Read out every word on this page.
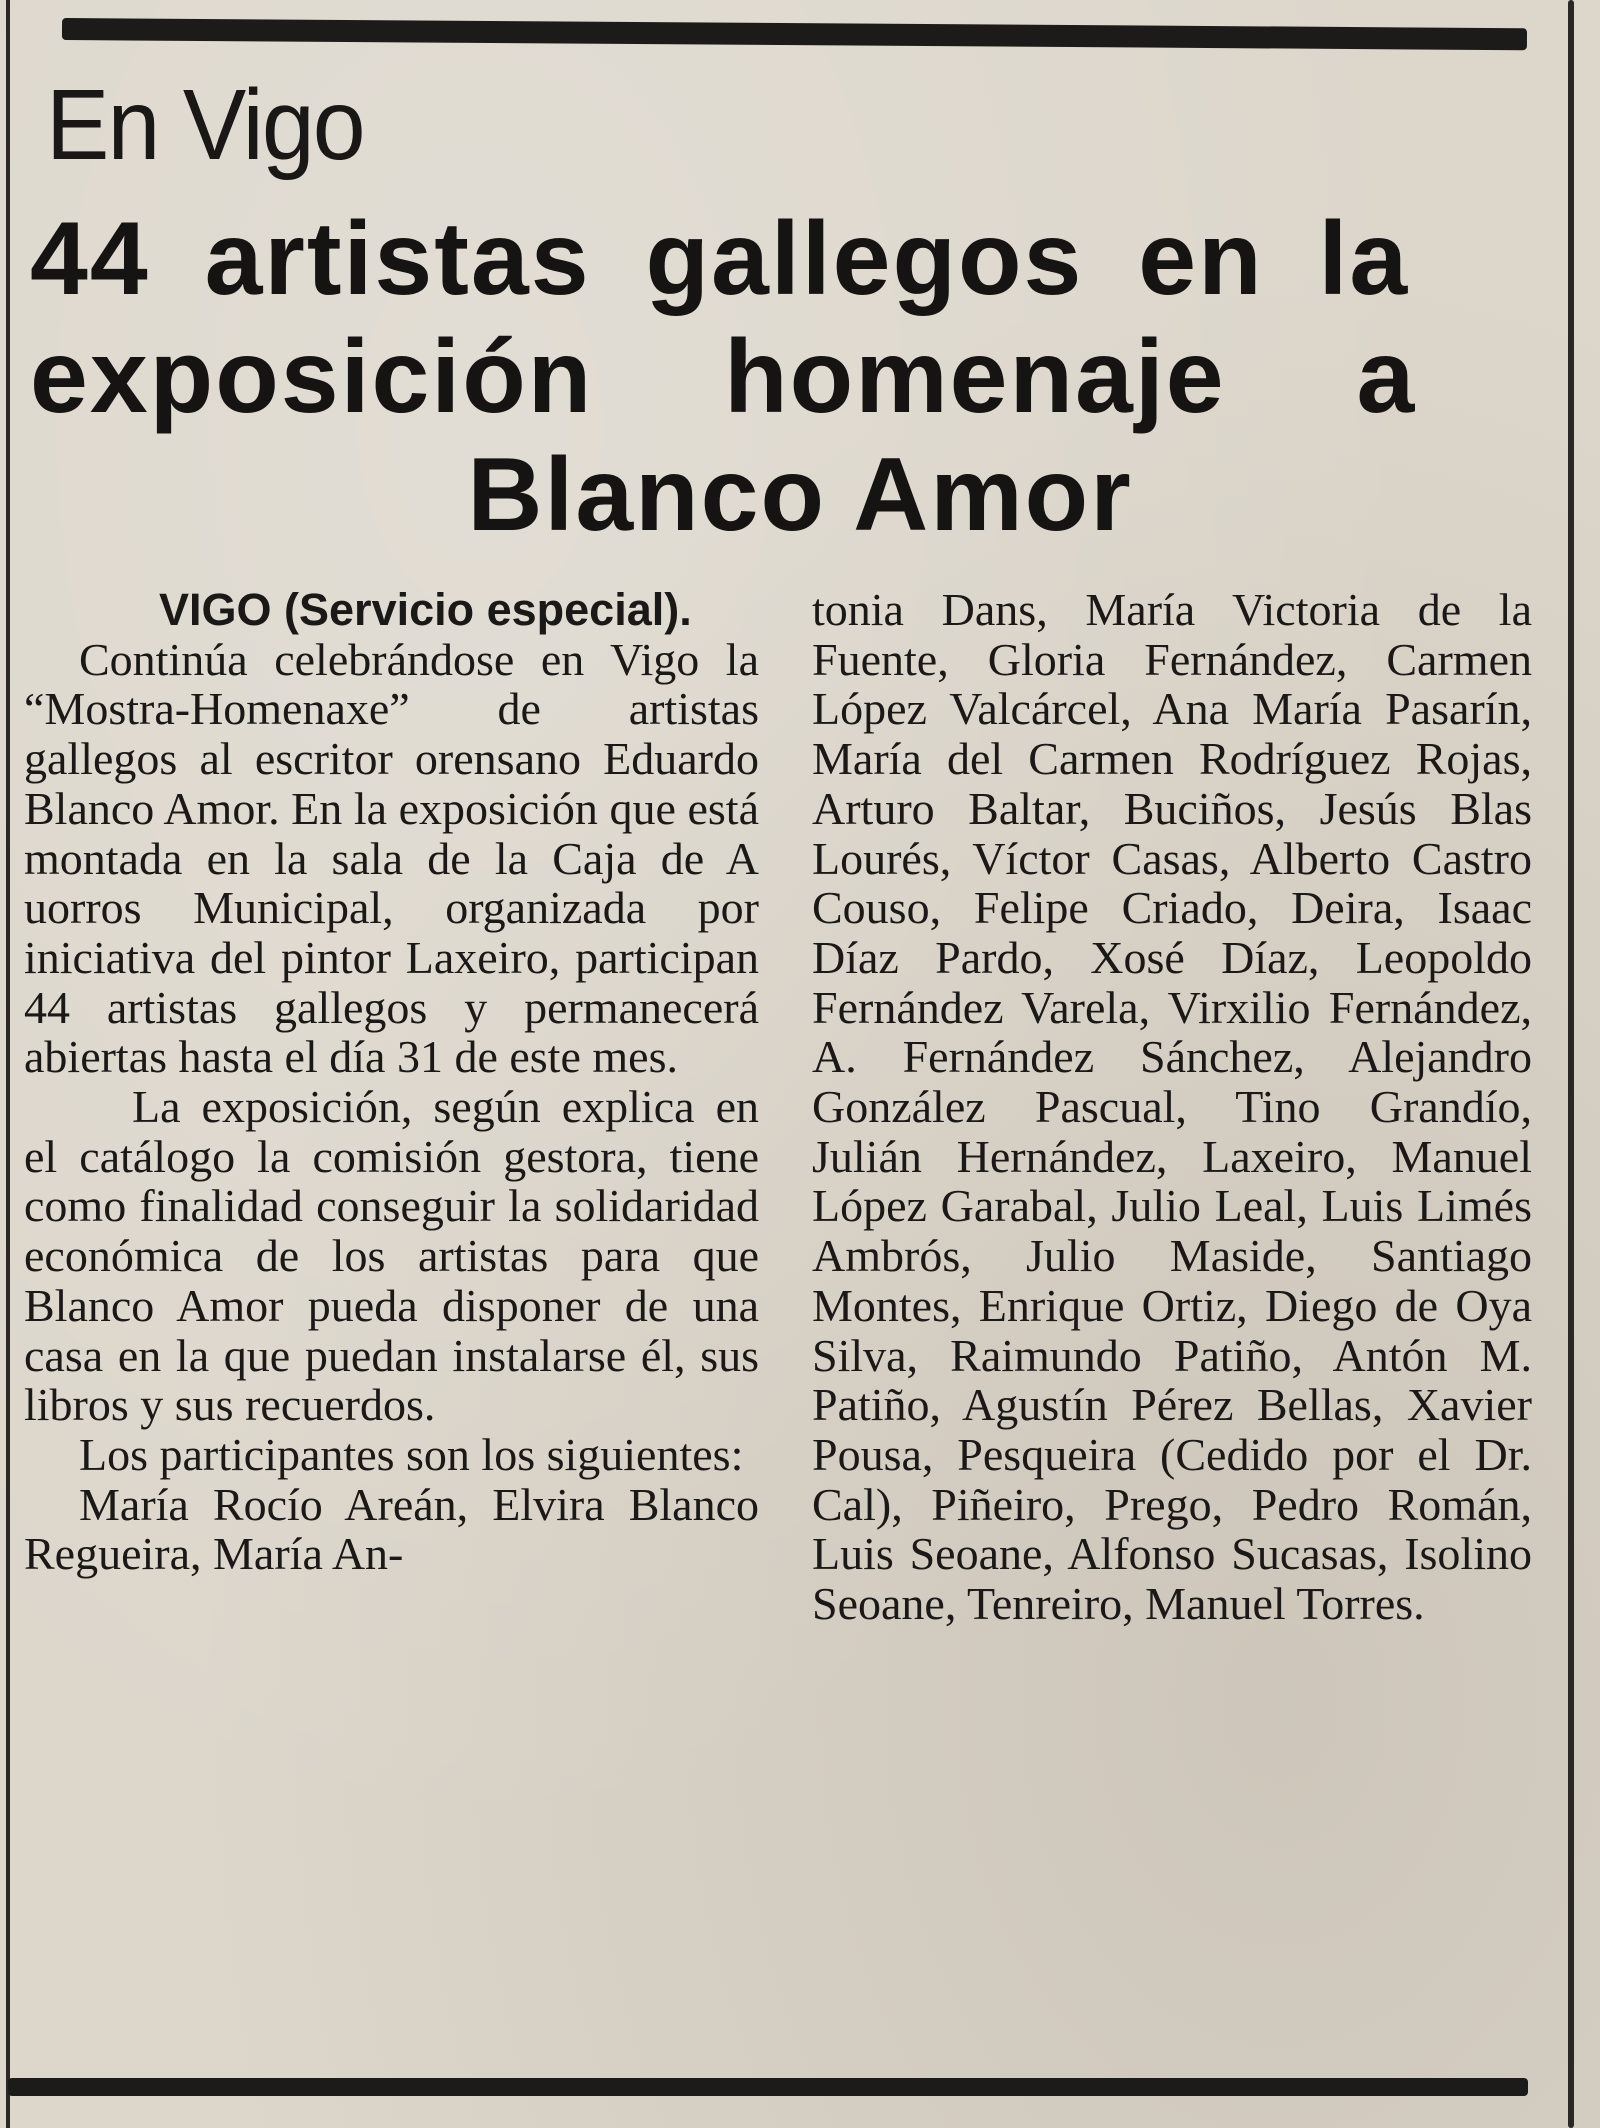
En Vigo
44 artistas gallegos en la
exposición homenaje a
Blanco Amor

VIGO (Servicio especial).

Continúa celebrándose en Vigo la “Mostra-Homenaxe” de artistas gallegos al escritor orensano Eduardo Blanco Amor. En la exposición que está montada en la sala de la Caja de A uorros Municipal, organizada por iniciativa del pintor Laxeiro, participan 44 artistas gallegos y permanecerá abiertas hasta el día 31 de este mes.

La exposición, según explica en el catálogo la comisión gestora, tiene como finalidad conseguir la solidaridad económica de los artistas para que Blanco Amor pueda disponer de una casa en la que puedan instalarse él, sus libros y sus recuerdos.

Los participantes son los siguientes:

María Rocío Areán, Elvira Blanco Regueira, María An-

tonia Dans, María Victoria de la Fuente, Gloria Fernández, Carmen López Valcárcel, Ana María Pasarín, María del Carmen Rodríguez Rojas, Arturo Baltar, Buciños, Jesús Blas Lourés, Víctor Casas, Alberto Castro Couso, Felipe Criado, Deira, Isaac Díaz Pardo, Xosé Díaz, Leopoldo Fernández Varela, Virxilio Fernández, A. Fernández Sánchez, Alejandro González Pascual, Tino Grandío, Julián Hernández, Laxeiro, Manuel López Garabal, Julio Leal, Luis Limés Ambrós, Julio Maside, Santiago Montes, Enrique Ortiz, Diego de Oya Silva, Raimundo Patiño, Antón M. Patiño, Agustín Pérez Bellas, Xavier Pousa, Pesqueira (Cedido por el Dr. Cal), Piñeiro, Prego, Pedro Román, Luis Seoane, Alfonso Sucasas, Isolino Seoane, Tenreiro, Manuel Torres.
